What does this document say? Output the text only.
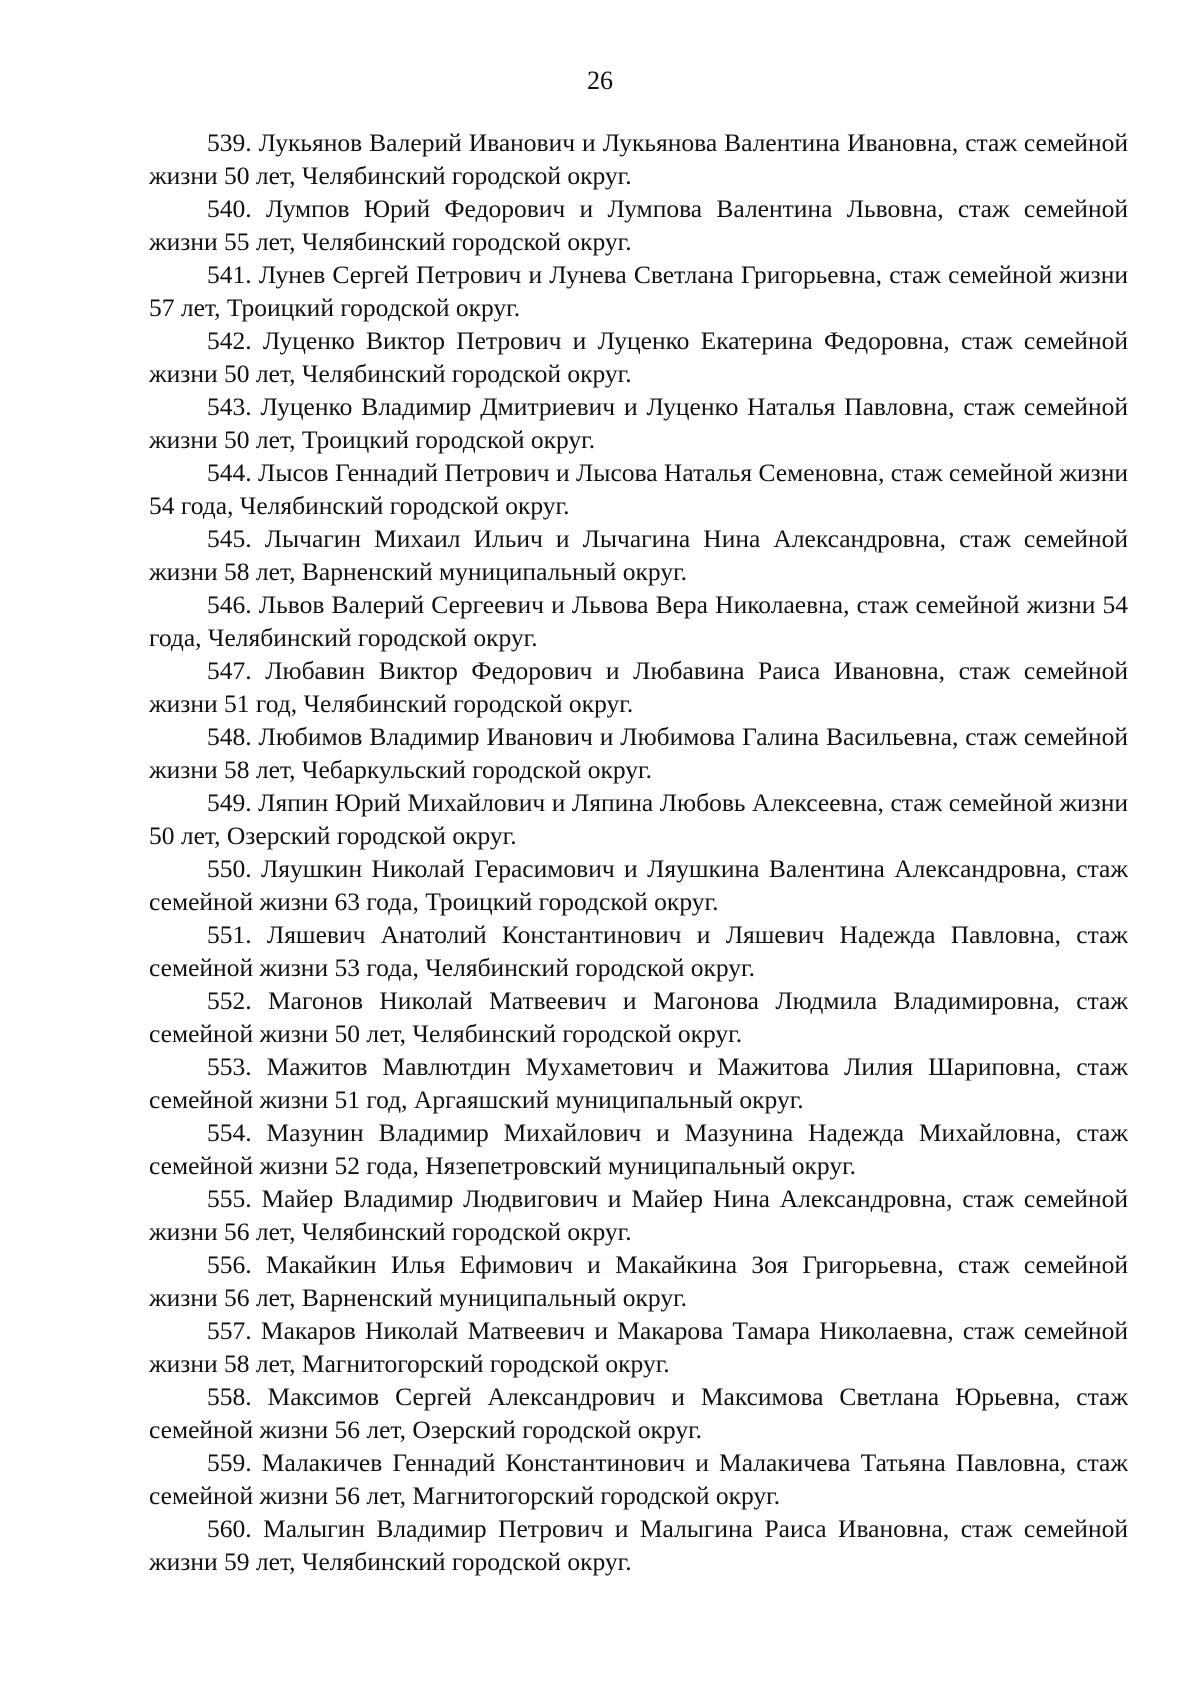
26

539. Лукьянов Валерий Иванович и Лукьянова Валентина Ивановна, стаж семейной жизни 50 лет, Челябинский городской округ.

540. Лумпов Юрий Федорович и Лумпова Валентина Львовна, стаж семейной жизни 55 лет, Челябинский городской округ.

541. Лунев Сергей Петрович и Лунева Светлана Григорьевна, стаж семейной жизни 57 лет, Троицкий городской округ.

542. Луценко Виктор Петрович и Луценко Екатерина Федоровна, стаж семейной жизни 50 лет, Челябинский городской округ.

543. Луценко Владимир Дмитриевич и Луценко Наталья Павловна, стаж семейной жизни 50 лет, Троицкий городской округ.

544. Лысов Геннадий Петрович и Лысова Наталья Семеновна, стаж семейной жизни 54 года, Челябинский городской округ.

545. Лычагин Михаил Ильич и Лычагина Нина Александровна, стаж семейной жизни 58 лет, Варненский муниципальный округ.

546. Львов Валерий Сергеевич и Львова Вера Николаевна, стаж семейной жизни 54 года, Челябинский городской округ.

547. Любавин Виктор Федорович и Любавина Раиса Ивановна, стаж семейной жизни 51 год, Челябинский городской округ.

548. Любимов Владимир Иванович и Любимова Галина Васильевна, стаж семейной жизни 58 лет, Чебаркульский городской округ.

549. Ляпин Юрий Михайлович и Ляпина Любовь Алексеевна, стаж семейной жизни 50 лет, Озерский городской округ.

550. Ляушкин Николай Герасимович и Ляушкина Валентина Александровна, стаж семейной жизни 63 года, Троицкий городской округ.

551. Ляшевич Анатолий Константинович и Ляшевич Надежда Павловна, стаж семейной жизни 53 года, Челябинский городской округ.

552. Магонов Николай Матвеевич и Магонова Людмила Владимировна, стаж семейной жизни 50 лет, Челябинский городской округ.

553. Мажитов Мавлютдин Мухаметович и Мажитова Лилия Шариповна, стаж семейной жизни 51 год, Аргаяшский муниципальный округ.

554. Мазунин Владимир Михайлович и Мазунина Надежда Михайловна, стаж семейной жизни 52 года, Нязепетровский муниципальный округ.

555. Майер Владимир Людвигович и Майер Нина Александровна, стаж семейной жизни 56 лет, Челябинский городской округ.

556. Макайкин Илья Ефимович и Макайкина Зоя Григорьевна, стаж семейной жизни 56 лет, Варненский муниципальный округ.

557. Макаров Николай Матвеевич и Макарова Тамара Николаевна, стаж семейной жизни 58 лет, Магнитогорский городской округ.

558. Максимов Сергей Александрович и Максимова Светлана Юрьевна, стаж семейной жизни 56 лет, Озерский городской округ.

559. Малакичев Геннадий Константинович и Малакичева Татьяна Павловна, стаж семейной жизни 56 лет, Магнитогорский городской округ.

560. Малыгин Владимир Петрович и Малыгина Раиса Ивановна, стаж семейной жизни 59 лет, Челябинский городской округ.
